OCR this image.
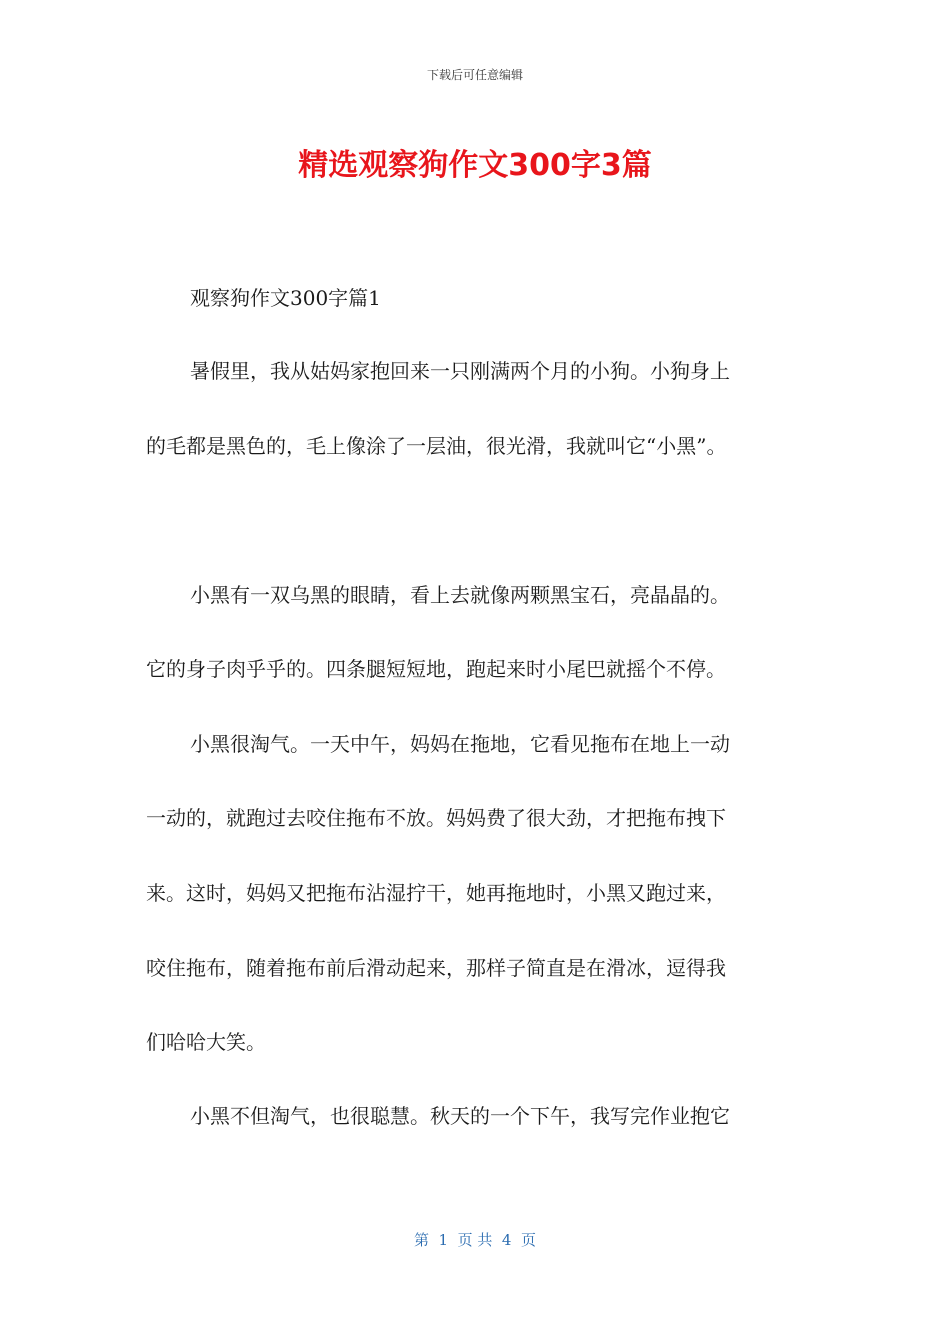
下载后可任意编辑
精选观察狗作文300字3篇
观察狗作文300字篇1
暑假里，我从姑妈家抱回来一只刚满两个月的小狗。小狗身上
的毛都是黑色的，毛上像涂了一层油，很光滑，我就叫它“小黑”。
小黑有一双乌黑的眼睛，看上去就像两颗黑宝石，亮晶晶的。
它的身子肉乎乎的。四条腿短短地，跑起来时小尾巴就摇个不停。
小黑很淘气。一天中午，妈妈在拖地，它看见拖布在地上一动
一动的，就跑过去咬住拖布不放。妈妈费了很大劲，才把拖布拽下
来。这时，妈妈又把拖布沾湿拧干，她再拖地时，小黑又跑过来，
咬住拖布，随着拖布前后滑动起来，那样子简直是在滑冰，逗得我
们哈哈大笑。
小黑不但淘气，也很聪慧。秋天的一个下午，我写完作业抱它
第  1  页 共  4  页
